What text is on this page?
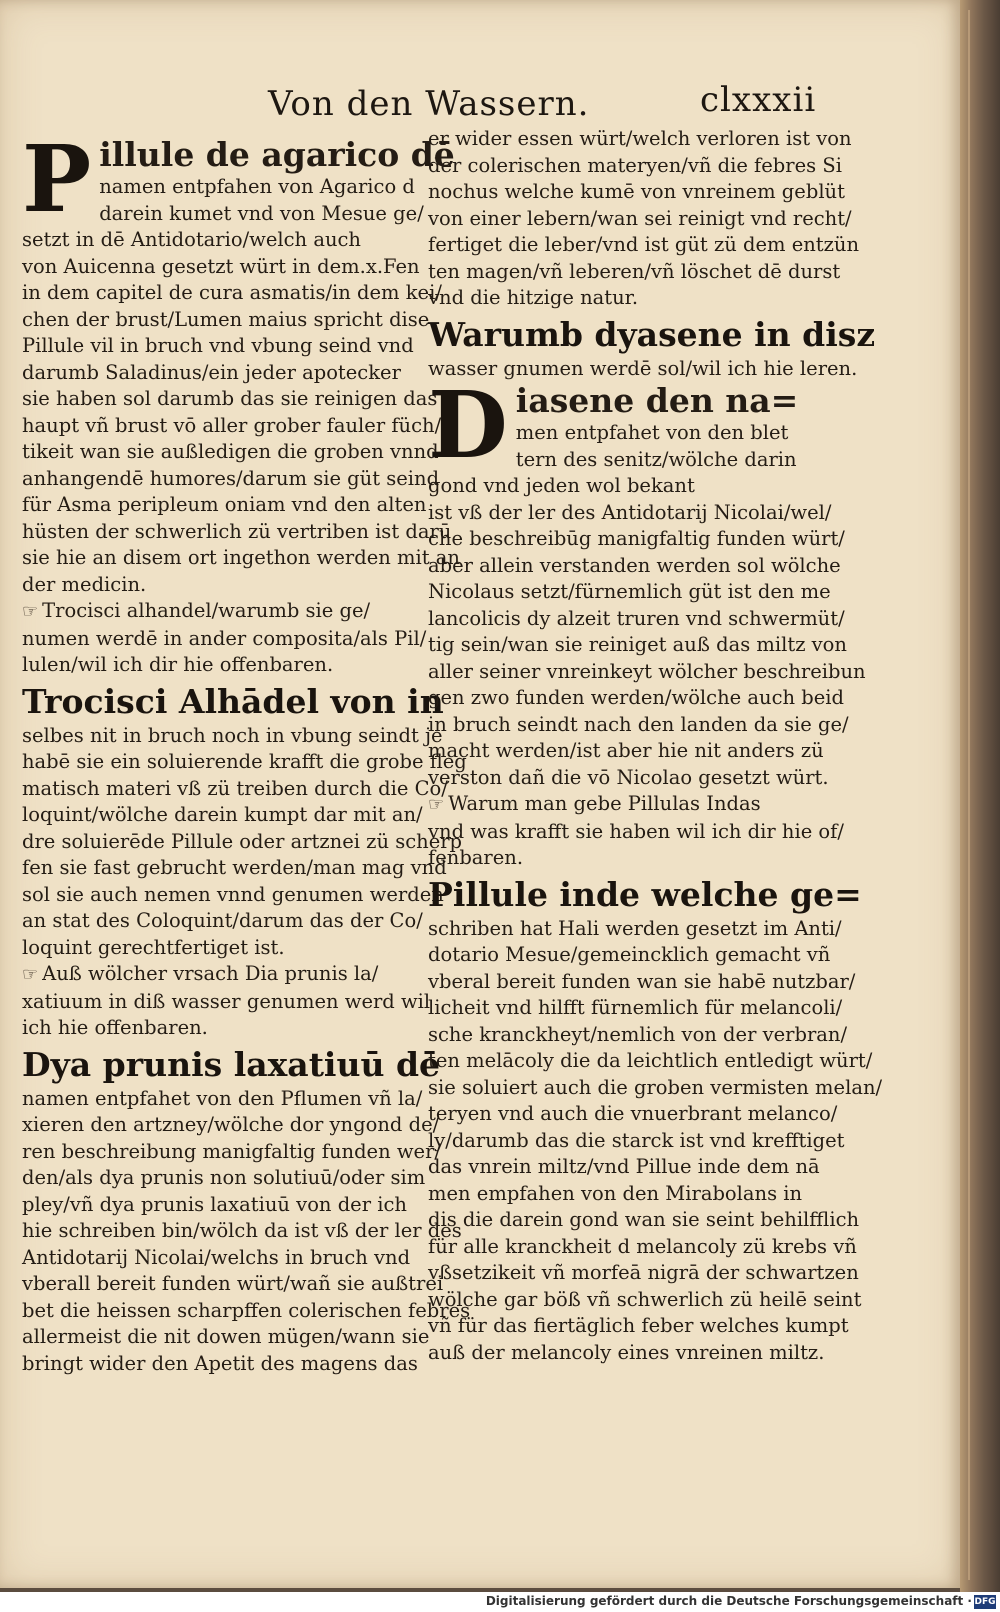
Von den Wassern.	clxxxii
P illule de agarico dē
namen entpfahen von Agarico d
darein kumet vnd von Mesue ge/
setzt in dē Antidotario/welch auch
von Auicenna gesetzt würt in dem.x.Fen
in dem capitel de cura asmatis/in dem kei/
chen der brust/Lumen maius spricht dise
Pillule vil in bruch vnd vbung seind vnd
darumb Saladinus/ein jeder apotecker
sie haben sol darumb das sie reinigen das
haupt vñ brust vō aller grober fauler füch/
tikeit wan sie außledigen die groben vnnd
anhangendē humores/darum sie güt seind
für Asma peripleum oniam vnd den alten
hüsten der schwerlich zü vertriben ist darū
sie hie an disem ort ingethon werden mit an
der medicin.
☞ Trocisci alhandel/warumb sie ge/
numen werdē in ander composita/als Pil/
lulen/wil ich dir hie offenbaren.
Trocisci Alhādel von in
selbes nit in bruch noch in vbung seindt je
habē sie ein soluierende krafft die grobe fleg
matisch materi vß zü treiben durch die Co/
loquint/wölche darein kumpt dar mit an/
dre soluierēde Pillule oder artznei zü scherp
fen sie fast gebrucht werden/man mag vnd
sol sie auch nemen vnnd genumen werden
an stat des Coloquint/darum das der Co/
loquint gerechtfertiget ist.
☞ Auß wölcher vrsach Dia prunis la/
xatiuum in diß wasser genumen werd wil
ich hie offenbaren.
Dya prunis laxatiuū dē
namen entpfahet von den Pflumen vñ la/
xieren den artzney/wölche dor yngond de/
ren beschreibung manigfaltig funden wer/
den/als dya prunis non solutiuū/oder sim
pley/vñ dya prunis laxatiuū von der ich
hie schreiben bin/wölch da ist vß der ler des
Antidotarij Nicolai/welchs in bruch vnd
vberall bereit funden würt/wañ sie außtrei
bet die heissen scharpffen colerischen febres
allermeist die nit dowen mügen/wann sie
bringt wider den Apetit des magens das
er wider essen würt/welch verloren ist von
der colerischen materyen/vñ die febres Si
nochus welche kumē von vnreinem geblüt
von einer lebern/wan sei reinigt vnd recht/
fertiget die leber/vnd ist güt zü dem entzün
ten magen/vñ leberen/vñ löschet dē durst
vnd die hitzige natur.
Warumb dyasene in disz
wasser gnumen werdē sol/wil ich hie leren.
D iasene den na=
men entpfahet von den blet
tern des senitz/wölche darin
gond vnd jeden wol bekant
ist vß der ler des Antidotarij Nicolai/wel/
che beschreibūg manigfaltig funden würt/
aber allein verstanden werden sol wölche
Nicolaus setzt/fürnemlich güt ist den me
lancolicis dy alzeit truren vnd schwermüt/
tig sein/wan sie reiniget auß das miltz von
aller seiner vnreinkeyt wölcher beschreibun
gen zwo funden werden/wölche auch beid
in bruch seindt nach den landen da sie ge/
macht werden/ist aber hie nit anders zü
verston dañ die vō Nicolao gesetzt würt.
☞ Warum man gebe Pillulas Indas
vnd was krafft sie haben wil ich dir hie of/
fenbaren.
Pillule inde welche ge=
schriben hat Hali werden gesetzt im Anti/
dotario Mesue/gemeincklich gemacht vñ
vberal bereit funden wan sie habē nutzbar/
licheit vnd hilfft fürnemlich für melancoli/
sche kranckheyt/nemlich von der verbran/
ten melācoly die da leichtlich entledigt würt/
sie soluiert auch die groben vermisten melan/
teryen vnd auch die vnuerbrant melanco/
ly/darumb das die starck ist vnd krefftiget
das vnrein miltz/vnd Pillue inde dem nā
men empfahen von den Mirabolans in
dis die darein gond wan sie seint behilfflich
für alle kranckheit d melancoly zü krebs vñ
vßsetzikeit vñ morfeā nigrā der schwartzen
wölche gar böß vñ schwerlich zü heilē seint
vñ für das fiertäglich feber welches kumpt
auß der melancoly eines vnreinen miltz.
Digitalisierung gefördert durch die Deutsche Forschungsgemeinschaft · DFG
